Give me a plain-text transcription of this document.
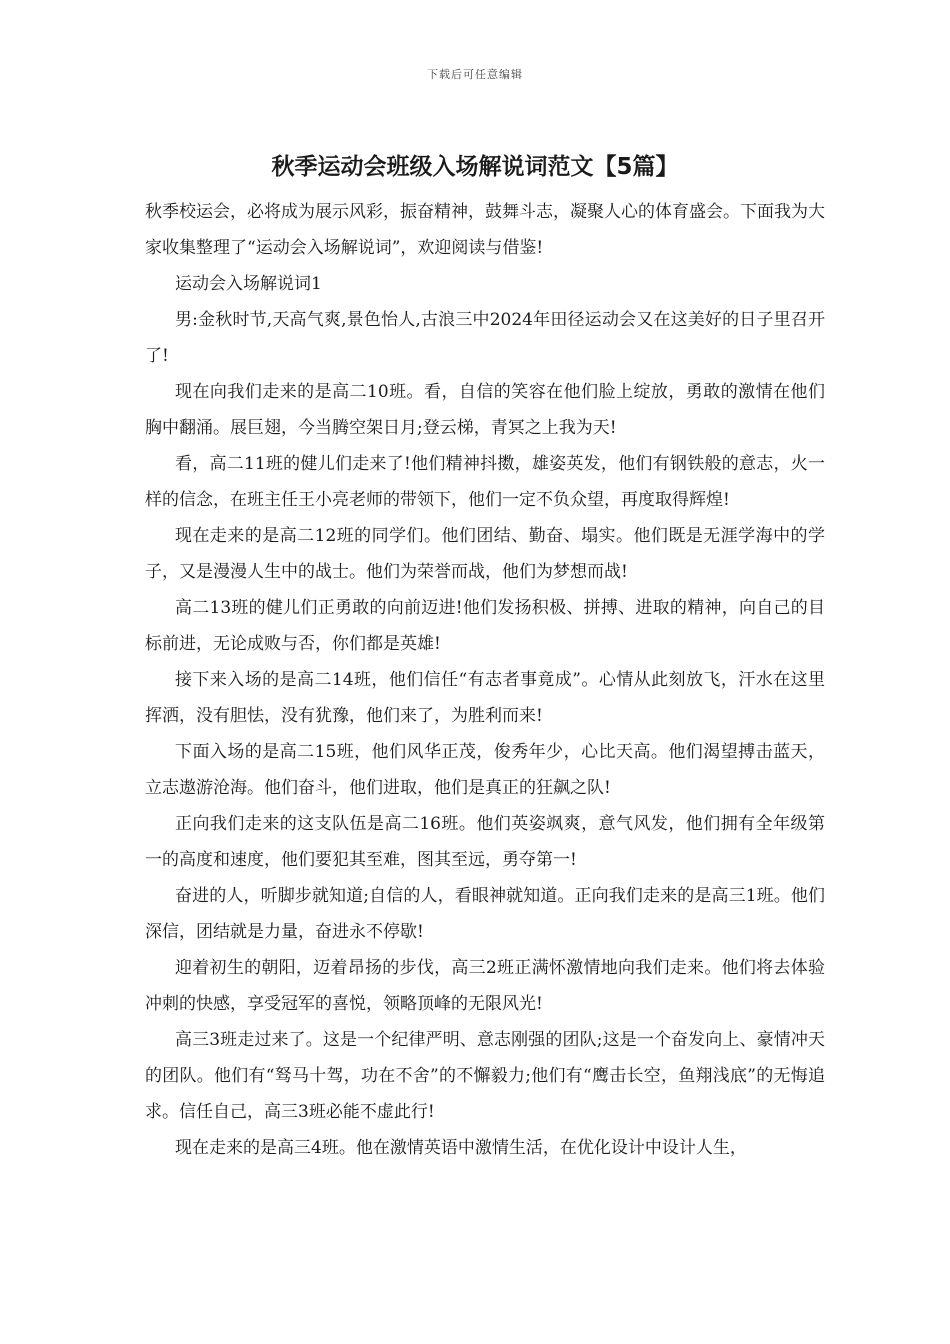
下载后可任意编辑
秋季运动会班级入场解说词范文【5篇】

秋季校运会，必将成为展示风彩，振奋精神，鼓舞斗志，凝聚人心的体育盛会。下面我为大家收集整理了“运动会入场解说词”，欢迎阅读与借鉴!

运动会入场解说词1

男:金秋时节,天高气爽,景色怡人,古浪三中2024年田径运动会又在这美好的日子里召开了!

现在向我们走来的是高二10班。看，自信的笑容在他们脸上绽放，勇敢的激情在他们胸中翻涌。展巨翅，今当腾空架日月;登云梯，青冥之上我为天!

看，高二11班的健儿们走来了!他们精神抖擞，雄姿英发，他们有钢铁般的意志，火一样的信念，在班主任王小亮老师的带领下，他们一定不负众望，再度取得辉煌!

现在走来的是高二12班的同学们。他们团结、勤奋、塌实。他们既是无涯学海中的学子，又是漫漫人生中的战士。他们为荣誉而战，他们为梦想而战!

高二13班的健儿们正勇敢的向前迈进!他们发扬积极、拼搏、进取的精神，向自己的目标前进，无论成败与否，你们都是英雄!

接下来入场的是高二14班，他们信任“有志者事竟成”。心情从此刻放飞，汗水在这里挥洒，没有胆怯，没有犹豫，他们来了，为胜利而来!

下面入场的是高二15班，他们风华正茂，俊秀年少，心比天高。他们渴望搏击蓝天，立志遨游沧海。他们奋斗，他们进取，他们是真正的狂飙之队!

正向我们走来的这支队伍是高二16班。他们英姿飒爽，意气风发，他们拥有全年级第一的高度和速度，他们要犯其至难，图其至远，勇夺第一!

奋进的人，听脚步就知道;自信的人，看眼神就知道。正向我们走来的是高三1班。他们深信，团结就是力量，奋进永不停歇!

迎着初生的朝阳，迈着昂扬的步伐，高三2班正满怀激情地向我们走来。他们将去体验冲刺的快感，享受冠军的喜悦，领略顶峰的无限风光!

高三3班走过来了。这是一个纪律严明、意志刚强的团队;这是一个奋发向上、豪情冲天的团队。他们有“驽马十驾，功在不舍”的不懈毅力;他们有“鹰击长空，鱼翔浅底”的无悔追求。信任自己，高三3班必能不虚此行!

现在走来的是高三4班。他在激情英语中激情生活，在优化设计中设计人生，
